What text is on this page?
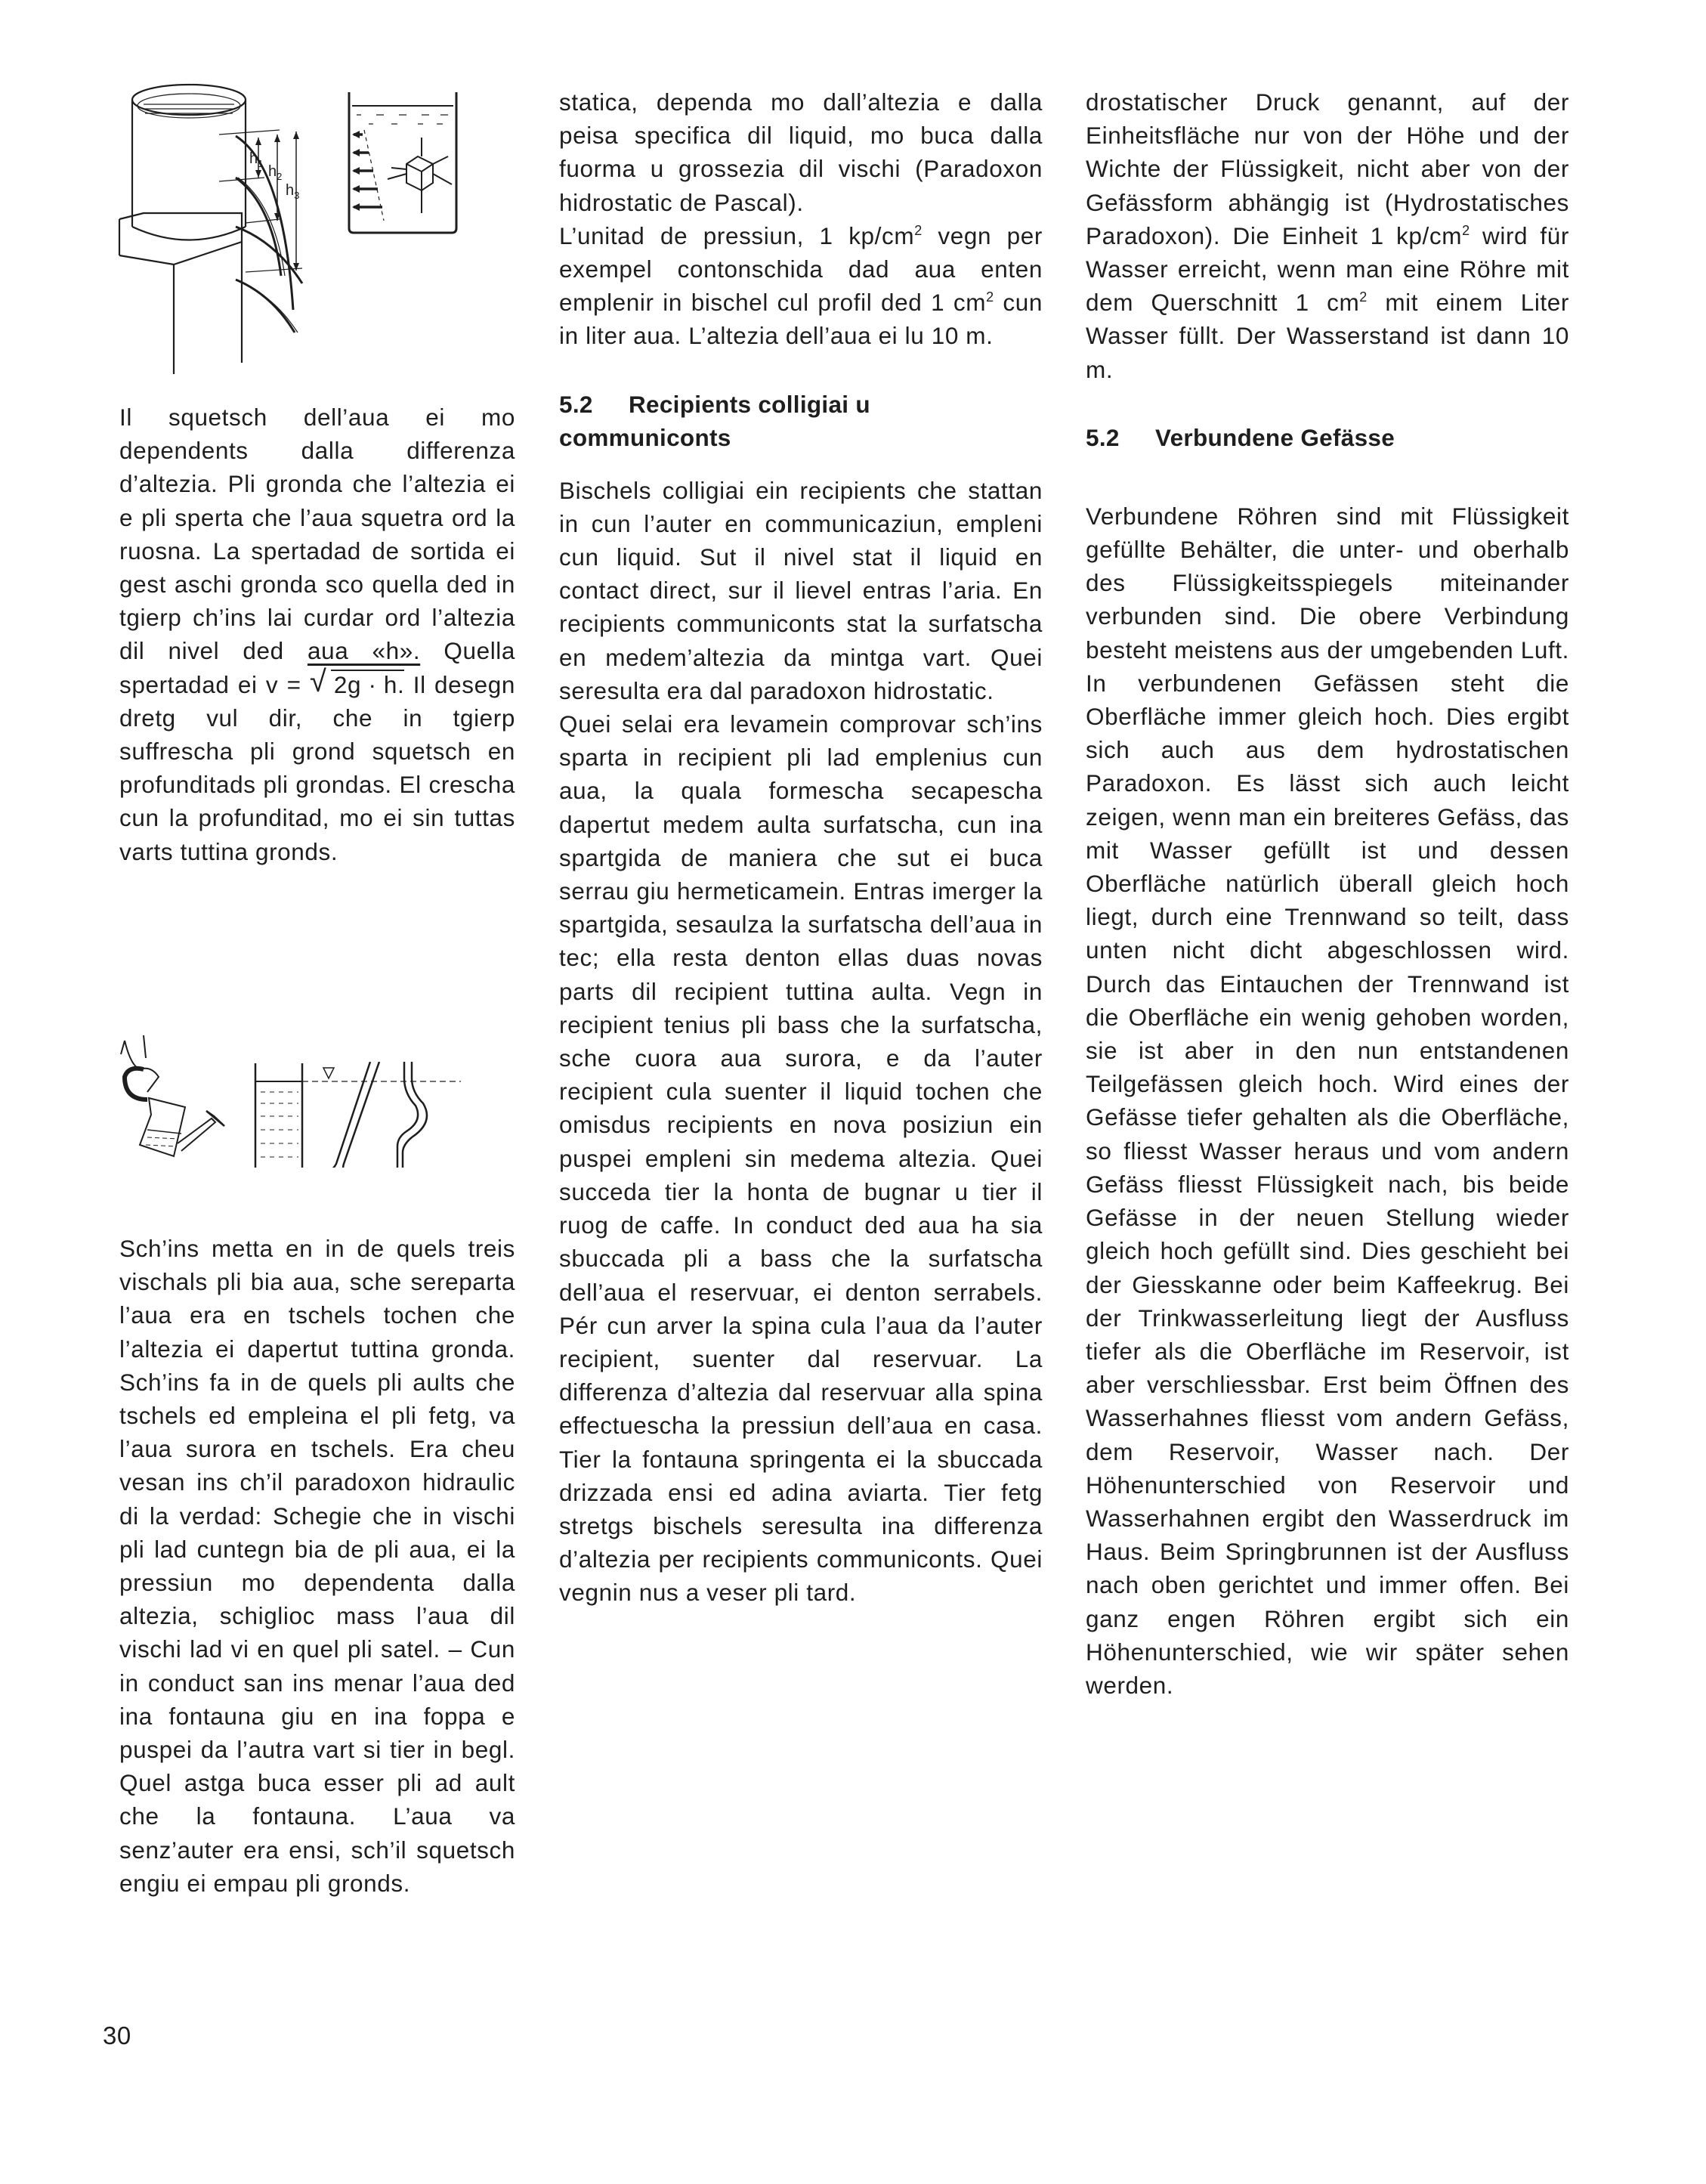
$h_1$ $h_2$
$h_3$

Il squetsch dell’aua ei mo dependents dalla differenza d’altezia. Pli gronda che l’altezia ei e pli sperta che l’aua squetra ord la ruosna. La spertadad de sortida ei gest aschi gronda sco quella ded in tgierp ch’ins lai curdar ord l’altezia dil nivel ded aua «h». Quella spertadad ei v = √ 2g · h. Il desegn dretg vul dir, che in tgierp suffrescha pli grond squetsch en profunditads pli grondas. El crescha cun la profunditad, mo ei sin tuttas varts tuttina gronds.

Sch’ins metta en in de quels treis vischals pli bia aua, sche sereparta l’aua era en tschels tochen che l’altezia ei dapertut tuttina gronda. Sch’ins fa in de quels pli aults che tschels ed empleina el pli fetg, va l’aua surora en tschels. Era cheu vesan ins ch’il paradoxon hidraulic di la verdad: Schegie che in vischi pli lad cuntegn bia de pli aua, ei la pressiun mo dependenta dalla altezia, schiglioc mass l’aua dil vischi lad vi en quel pli satel. – Cun in conduct san ins menar l’aua ded ina fontauna giu en ina foppa e puspei da l’autra vart si tier in begl. Quel astga buca esser pli ad ault che la fontauna. L’aua va senz’auter era ensi, sch’il squetsch engiu ei empau pli gronds.

statica, dependa mo dall’altezia e dalla peisa specifica dil liquid, mo buca dalla fuorma u grossezia dil vischi (Paradoxon hidrostatic de Pascal).
L’unitad de pressiun, 1 $kp/cm^2$ vegn per exempel contonschida dad aua enten emplenir in bischel cul profil ded 1 $cm^2$ cun in liter aua. L’altezia dell’aua ei lu 10 m.

5.2 Recipients colligiai u communiconts

Bischels colligiai ein recipients che stattan in cun l’auter en communicaziun, empleni cun liquid. Sut il nivel stat il liquid en contact direct, sur il lievel entras l’aria. En recipients communiconts stat la surfatscha en medem’altezia da mintga vart. Quei seresulta era dal paradoxon hidrostatic.

Quei selai era levamein comprovar sch’ins sparta in recipient pli lad emplenius cun aua, la quala formescha secapescha dapertut medem aulta surfatscha, cun ina spartgida de maniera che sut ei buca serrau giu hermeticamein. Entras imerger la spartgida, sesaulza la surfatscha dell’aua in tec; ella resta denton ellas duas novas parts dil recipient tuttina aulta. Vegn in recipient tenius pli bass che la surfatscha, sche cuora aua surora, e da l’auter recipient cula suenter il liquid tochen che omisdus recipients en nova posiziun ein puspei empleni sin medema altezia. Quei succeda tier la honta de bugnar u tier il ruog de caffe. In conduct ded aua ha sia sbuccada pli a bass che la surfatscha dell’aua el reservuar, ei denton serrabels. Pér cun arver la spina cula l’aua da l’auter recipient, suenter dal reservuar. La differenza d’altezia dal reservuar alla spina effectuescha la pressiun dell’aua en casa. Tier la fontauna springenta ei la sbuccada drizzada ensi ed adina aviarta. Tier fetg stretgs bischels seresulta ina differenza d’altezia per recipients communiconts. Quei vegnin nus a veser pli tard.

drostatischer Druck genannt, auf der Einheitsfläche nur von der Höhe und der Wichte der Flüssigkeit, nicht aber von der Gefässform abhängig ist (Hydrostatisches Paradoxon). Die Einheit 1 $kp/cm^2$ wird für Wasser erreicht, wenn man eine Röhre mit dem Querschnitt 1 $cm^2$ mit einem Liter Wasser füllt. Der Wasserstand ist dann 10 m.

5.2 Verbundene Gefässe

Verbundene Röhren sind mit Flüssigkeit gefüllte Behälter, die unter- und oberhalb des Flüssigkeitsspiegels miteinander verbunden sind. Die obere Verbindung besteht meistens aus der umgebenden Luft. In verbundenen Gefässen steht die Oberfläche immer gleich hoch. Dies ergibt sich auch aus dem hydrostatischen Paradoxon. Es lässt sich auch leicht zeigen, wenn man ein breiteres Gefäss, das mit Wasser gefüllt ist und dessen Oberfläche natürlich überall gleich hoch liegt, durch eine Trennwand so teilt, dass unten nicht dicht abgeschlossen wird. Durch das Eintauchen der Trennwand ist die Oberfläche ein wenig gehoben worden, sie ist aber in den nun entstandenen Teilgefässen gleich hoch. Wird eines der Gefässe tiefer gehalten als die Oberfläche, so fliesst Wasser heraus und vom andern Gefäss fliesst Flüssigkeit nach, bis beide Gefässe in der neuen Stellung wieder gleich hoch gefüllt sind. Dies geschieht bei der Giesskanne oder beim Kaffeekrug. Bei der Trinkwasserleitung liegt der Ausfluss tiefer als die Oberfläche im Reservoir, ist aber verschliessbar. Erst beim Öffnen des Wasserhahnes fliesst vom andern Gefäss, dem Reservoir, Wasser nach. Der Höhenunterschied von Reservoir und Wasserhahnen ergibt den Wasserdruck im Haus. Beim Springbrunnen ist der Ausfluss nach oben gerichtet und immer offen. Bei ganz engen Röhren ergibt sich ein Höhenunterschied, wie wir später sehen werden.

30
